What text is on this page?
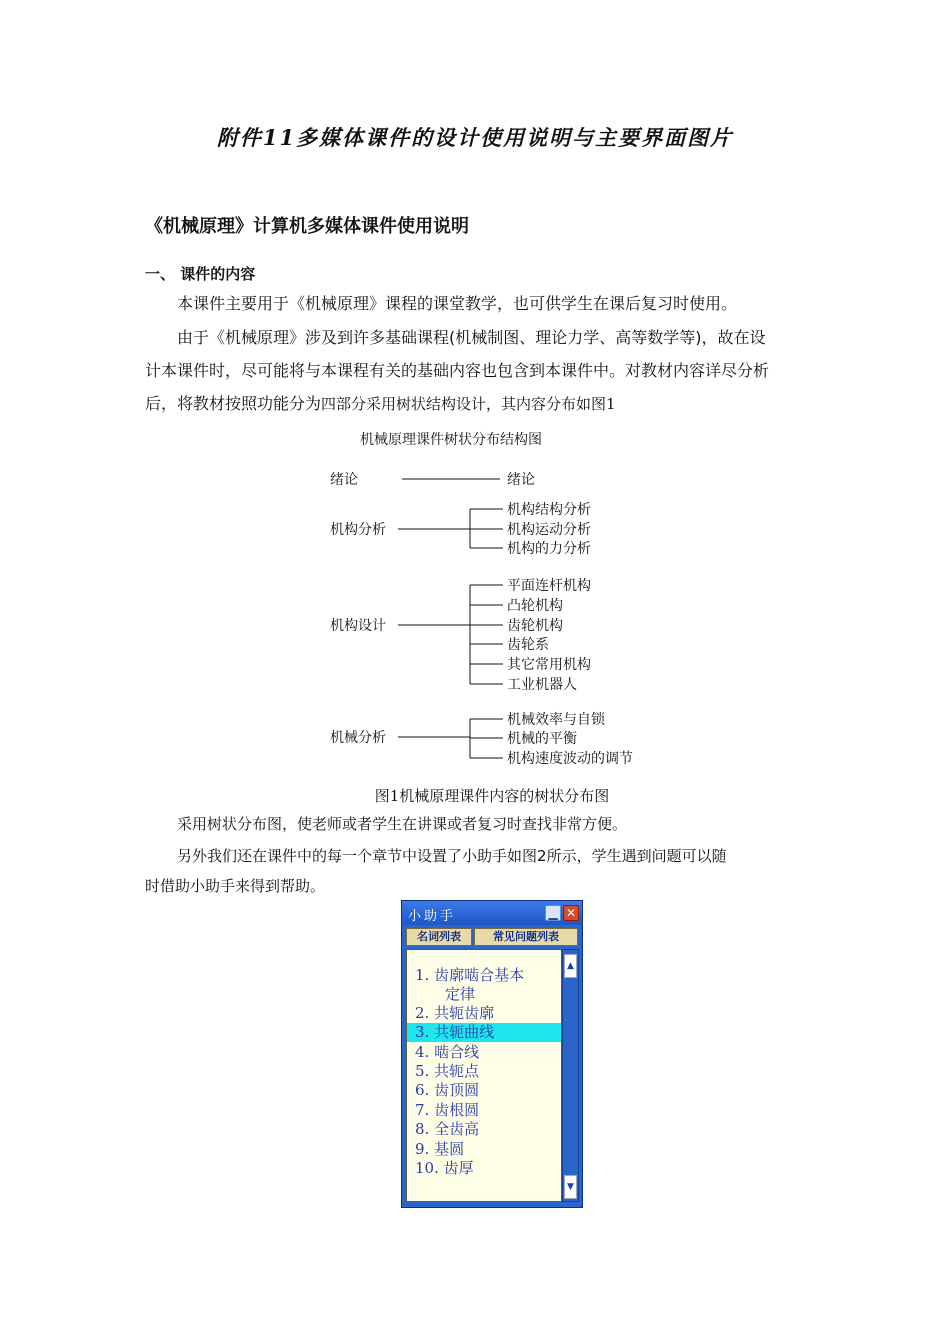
附件11多媒体课件的设计使用说明与主要界面图片
《机械原理》计算机多媒体课件使用说明
一、 课件的内容
本课件主要用于《机械原理》课程的课堂教学，也可供学生在课后复习时使用。
由于《机械原理》涉及到许多基础课程(机械制图、理论力学、高等数学等)，故在设
计本课件时，尽可能将与本课程有关的基础内容也包含到本课件中。对教材内容详尽分析
后，将教材按照功能分为四部分采用树状结构设计，其内容分布如图1
机械原理课件树状分布结构图
绪论	绪论
机构分析
机构结构分析
机构运动分析
机构的力分析
机构设计
平面连杆机构
凸轮机构
齿轮机构
齿轮系
其它常用机构
工业机器人
机械分析
机械效率与自锁
机械的平衡
机构速度波动的调节
图1机械原理课件内容的树状分布图
采用树状分布图，使老师或者学生在讲课或者复习时查找非常方便。
另外我们还在课件中的每一个章节中设置了小助手如图2所示，学生遇到问题可以随
时借助小助手来得到帮助。
小助手	▁ ✕
名词列表	常见问题列表
1. 齿廓啮合基本
定律
2. 共轭齿廓
3. 共轭曲线
4. 啮合线
5. 共轭点
6. 齿顶圆
7. 齿根圆
8. 全齿高
9. 基圆
10. 齿厚
▲
▼
